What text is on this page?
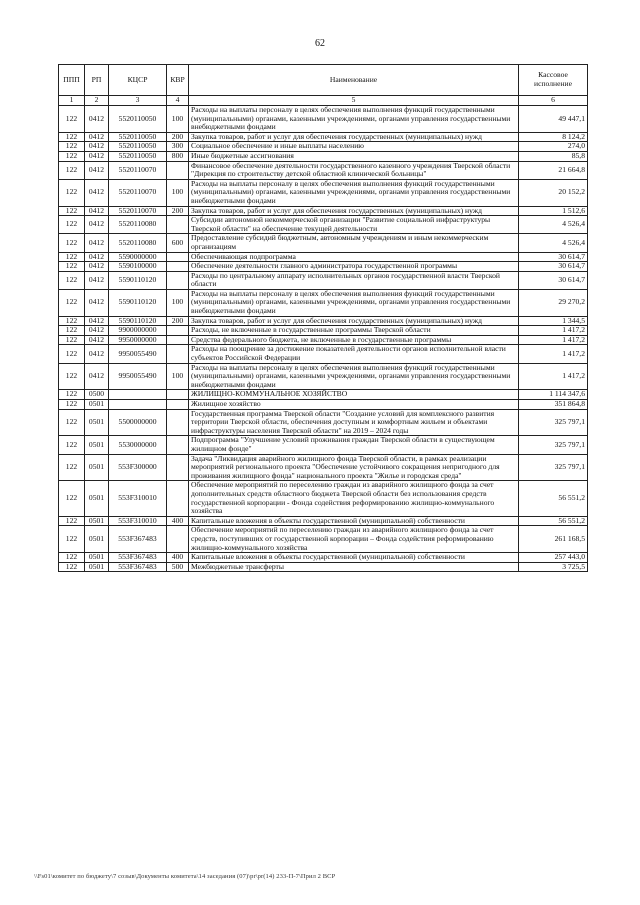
62
ППП	РП	КЦСР	КВР	Наименование	Кассовое исполнение
1	2	3	4	5	6
122	0412	5520110050	100	Расходы на выплаты персоналу в целях обеспечения выполнения функций государственными (муниципальными) органами, казенными учреждениями, органами управления государственными внебюджетными фондами	49 447,1
122	0412	5520110050	200	Закупка товаров, работ и услуг для обеспечения государственных (муниципальных) нужд	8 124,2
122	0412	5520110050	300	Социальное обеспечение и иные выплаты населению	274,0
122	0412	5520110050	800	Иные бюджетные ассигнования	85,8
122	0412	5520110070		Финансовое обеспечение деятельности государственного казенного учреждения Тверской области "Дирекция по строительству детской областной клинической больницы"	21 664,8
122	0412	5520110070	100	Расходы на выплаты персоналу в целях обеспечения выполнения функций государственными (муниципальными) органами, казенными учреждениями, органами управления государственными внебюджетными фондами	20 152,2
122	0412	5520110070	200	Закупка товаров, работ и услуг для обеспечения государственных (муниципальных) нужд	1 512,6
122	0412	5520110080		Субсидии автономной некоммерческой организации "Развитие социальной инфраструктуры Тверской области" на обеспечение текущей деятельности	4 526,4
122	0412	5520110080	600	Предоставление субсидий бюджетным, автономным учреждениям и иным некоммерческим организациям	4 526,4
122	0412	5590000000		Обеспечивающая подпрограмма	30 614,7
122	0412	5590100000		Обеспечение деятельности главного администратора государственной программы	30 614,7
122	0412	5590110120		Расходы по центральному аппарату исполнительных органов государственной власти Тверской области	30 614,7
122	0412	5590110120	100	Расходы на выплаты персоналу в целях обеспечения выполнения функций государственными (муниципальными) органами, казенными учреждениями, органами управления государственными внебюджетными фондами	29 270,2
122	0412	5590110120	200	Закупка товаров, работ и услуг для обеспечения государственных (муниципальных) нужд	1 344,5
122	0412	9900000000		Расходы, не включенные в государственные программы Тверской области	1 417,2
122	0412	9950000000		Средства федерального бюджета, не включенные в государственные программы	1 417,2
122	0412	9950055490		Расходы на поощрение за достижение показателей деятельности органов исполнительной власти субъектов Российской Федерации	1 417,2
122	0412	9950055490	100	Расходы на выплаты персоналу в целях обеспечения выполнения функций государственными (муниципальными) органами, казенными учреждениями, органами управления государственными внебюджетными фондами	1 417,2
122	0500			ЖИЛИЩНО-КОММУНАЛЬНОЕ ХОЗЯЙСТВО	1 114 347,6
122	0501			Жилищное хозяйство	351 864,8
122	0501	5500000000		Государственная программа Тверской области "Создание условий для комплексного развития территории Тверской области, обеспечения доступным и комфортным жильем и объектами инфраструктуры населения Тверской области" на 2019 – 2024 годы	325 797,1
122	0501	5530000000		Подпрограмма "Улучшение условий проживания граждан Тверской области в существующем жилищном фонде"	325 797,1
122	0501	553F300000		Задача "Ликвидация аварийного жилищного фонда Тверской области, в рамках реализации мероприятий регионального проекта "Обеспечение устойчивого сокращения непригодного для проживания жилищного фонда" национального проекта "Жилье и городская среда"	325 797,1
122	0501	553F310010		Обеспечение мероприятий по переселению граждан из аварийного жилищного фонда за счет дополнительных средств областного бюджета Тверской области без использования средств государственной корпорации - Фонда содействия реформированию жилищно-коммунального хозяйства	56 551,2
122	0501	553F310010	400	Капитальные вложения в объекты государственной (муниципальной) собственности	56 551,2
122	0501	553F367483		Обеспечение мероприятий по переселению граждан из аварийного жилищного фонда за счет средств, поступивших от государственной корпорации – Фонда содействия реформированию жилищно-коммунального хозяйства	261 168,5
122	0501	553F367483	400	Капитальные вложения в объекты государственной (муниципальной) собственности	257 443,0
122	0501	553F367483	500	Межбюджетные трансферты	3 725,5
\\Fs01\комитет по бюджету\7 созыв\Документы комитета\14 заседания (07)\pr\pr(14) 233-П-7\Прил 2 ВСР
